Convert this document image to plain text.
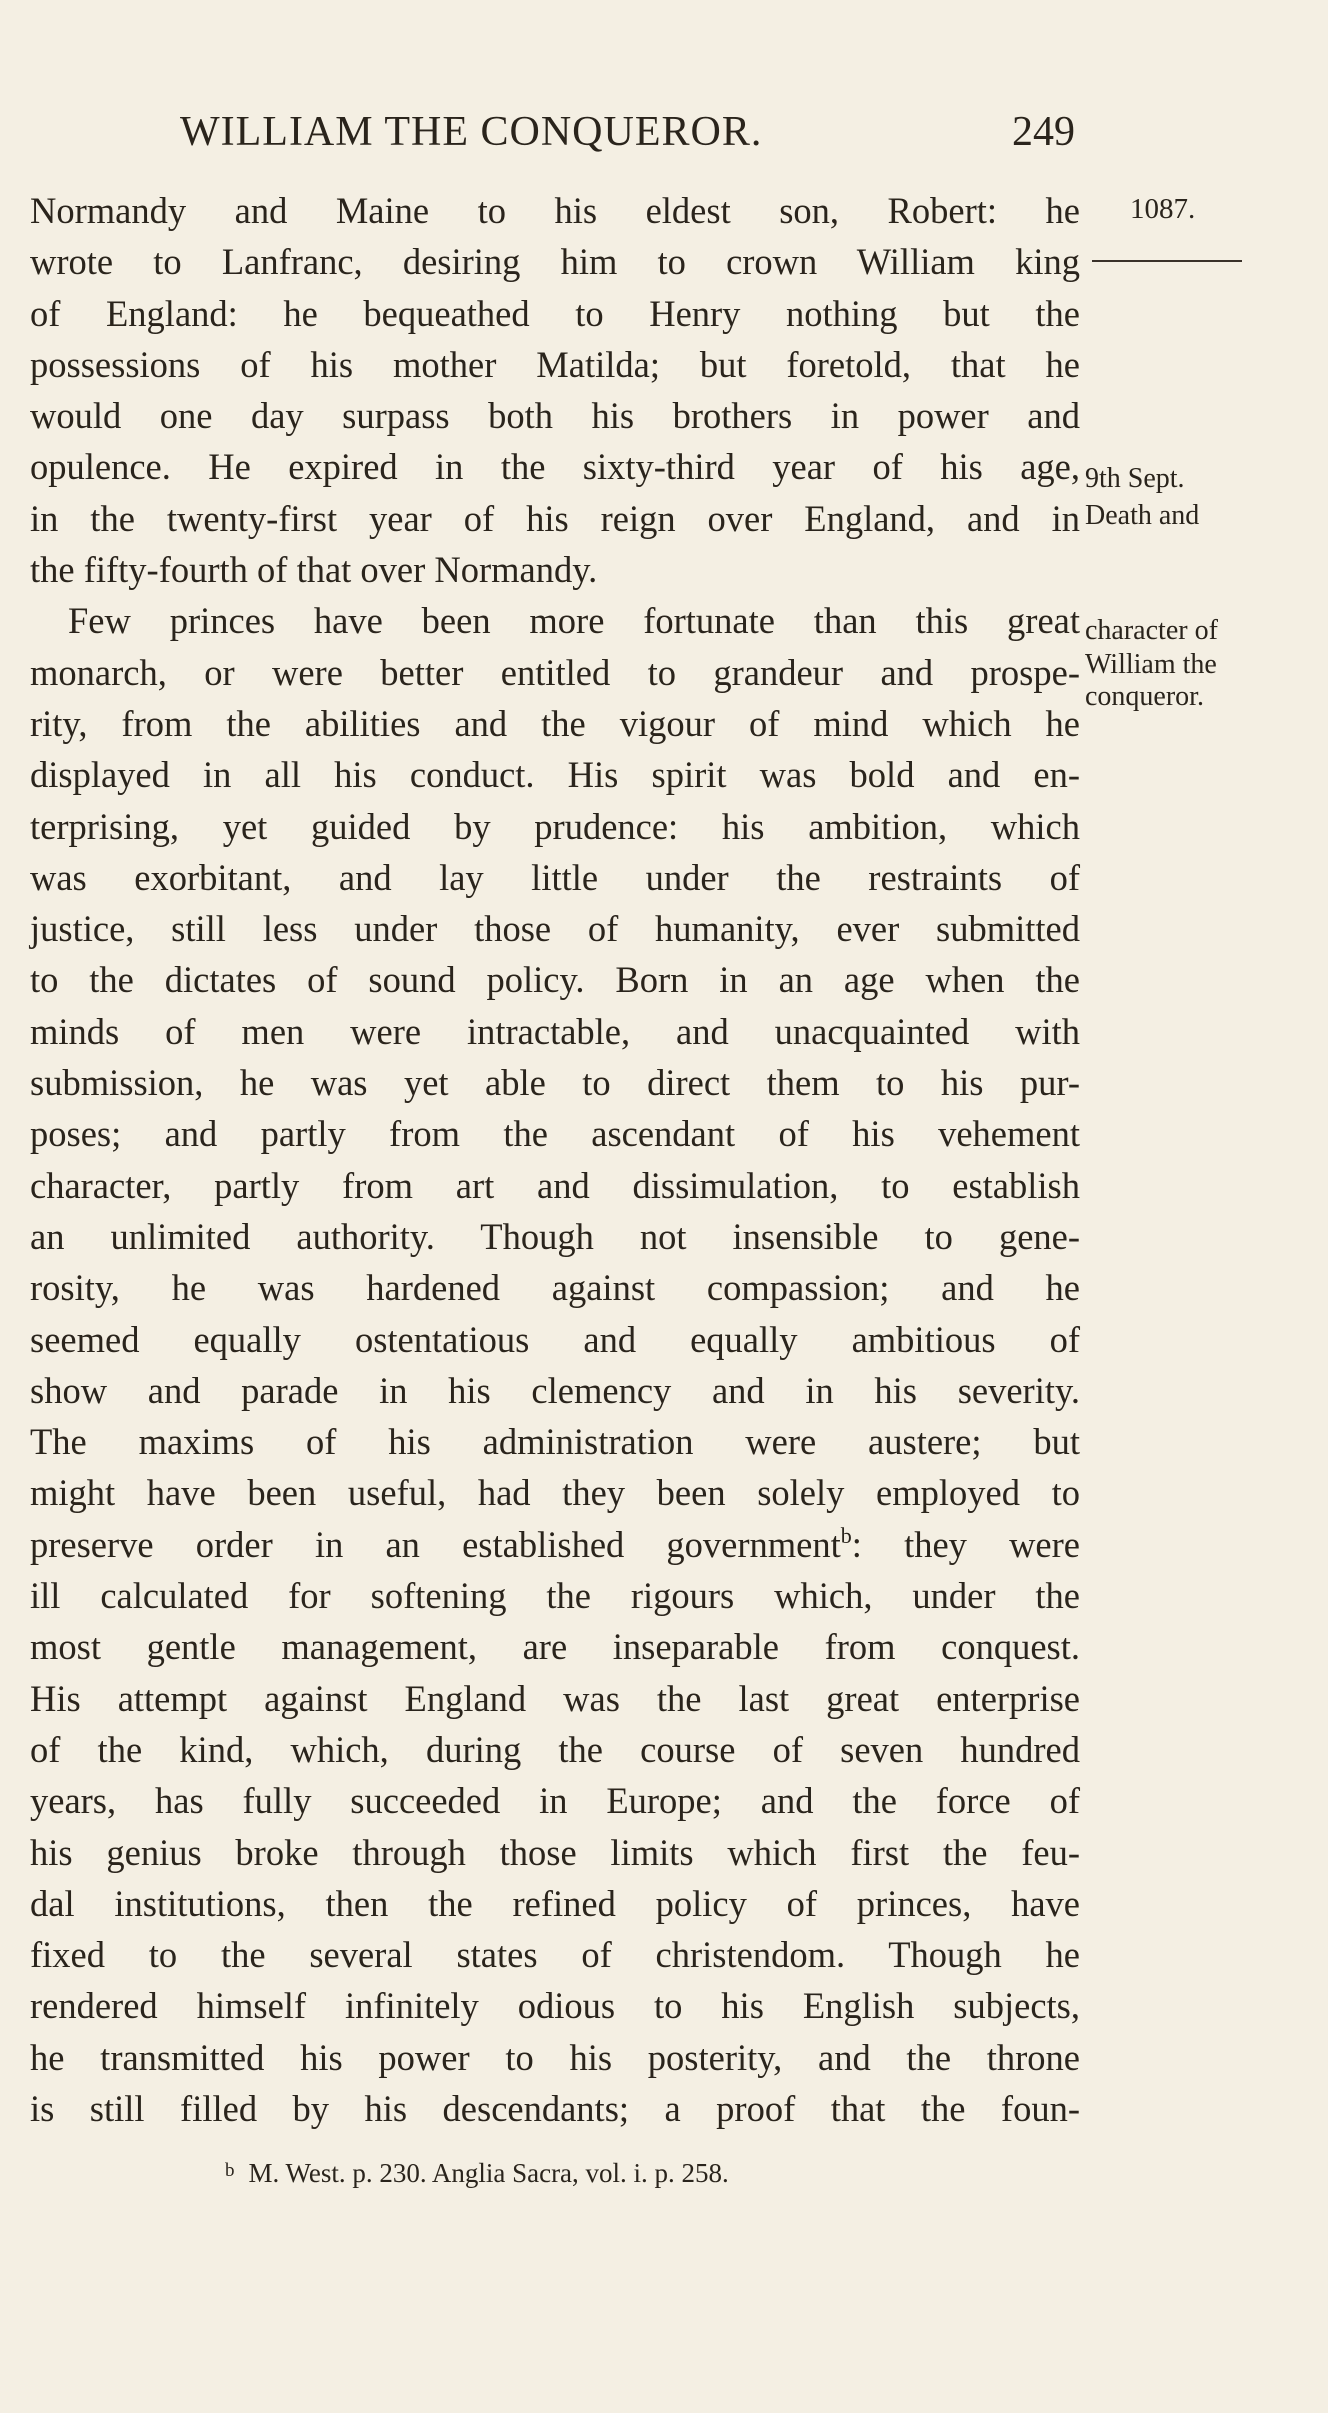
WILLIAM THE CONQUEROR.	249
Normandy and Maine to his eldest son, Robert: he
wrote to Lanfranc, desiring him to crown William king
of England: he bequeathed to Henry nothing but the
possessions of his mother Matilda; but foretold, that he
would one day surpass both his brothers in power and
opulence. He expired in the sixty-third year of his age,
in the twenty-first year of his reign over England, and in
the fifty-fourth of that over Normandy.
Few princes have been more fortunate than this great
monarch, or were better entitled to grandeur and prospe-
rity, from the abilities and the vigour of mind which he
displayed in all his conduct. His spirit was bold and en-
terprising, yet guided by prudence: his ambition, which
was exorbitant, and lay little under the restraints of
justice, still less under those of humanity, ever submitted
to the dictates of sound policy. Born in an age when the
minds of men were intractable, and unacquainted with
submission, he was yet able to direct them to his pur-
poses; and partly from the ascendant of his vehement
character, partly from art and dissimulation, to establish
an unlimited authority. Though not insensible to gene-
rosity, he was hardened against compassion; and he
seemed equally ostentatious and equally ambitious of
show and parade in his clemency and in his severity.
The maxims of his administration were austere; but
might have been useful, had they been solely employed to
preserve order in an established government$^b$: they were
ill calculated for softening the rigours which, under the
most gentle management, are inseparable from conquest.
His attempt against England was the last great enterprise
of the kind, which, during the course of seven hundred
years, has fully succeeded in Europe; and the force of
his genius broke through those limits which first the feu-
dal institutions, then the refined policy of princes, have
fixed to the several states of christendom. Though he
rendered himself infinitely odious to his English subjects,
he transmitted his power to his posterity, and the throne
is still filled by his descendants; a proof that the foun-
1087.
9th Sept.
Death and
character of
William the
conqueror.
$^b$ M. West. p. 230. Anglia Sacra, vol. i. p. 258.
